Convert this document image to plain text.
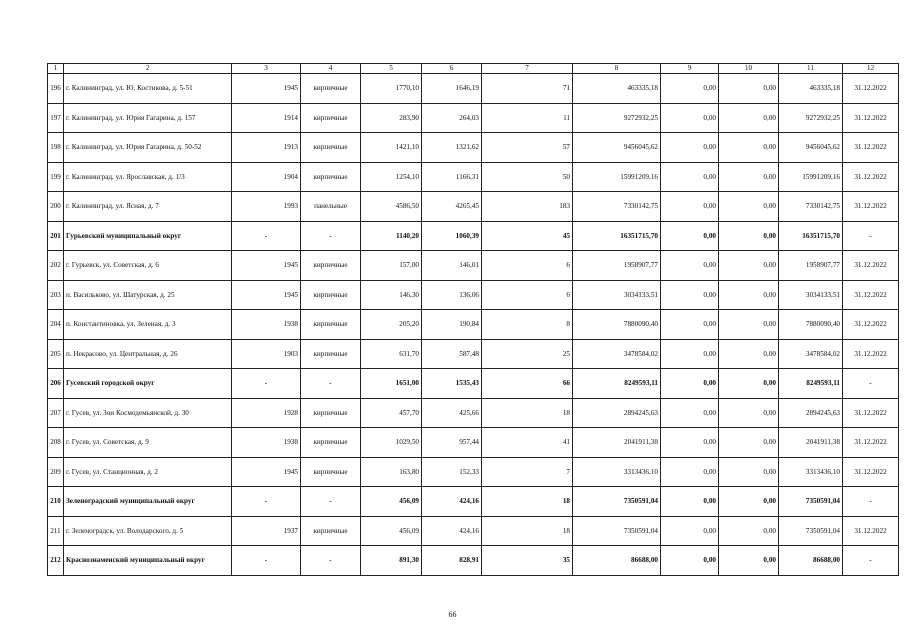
1	2	3	4	5	6	7	8	9	10	11	12
196	г. Калининград, ул. Ю. Костикова, д. 5-51	1945	кирпичные	1770,10	1646,19	71	463335,18	0,00	0,00	463335,18	31.12.2022
197	г. Калининград, ул. Юрия Гагарина, д. 157	1914	кирпичные	283,90	264,03	11	9272932,25	0,00	0,00	9272932,25	31.12.2022
198	г. Калининград, ул. Юрия Гагарина, д. 50-52	1913	кирпичные	1421,10	1321,62	57	9456045,62	0,00	0,00	9456045,62	31.12.2022
199	г. Калининград, ул. Ярославская, д. 1/3	1904	кирпичные	1254,10	1166,31	50	15991209,16	0,00	0,00	15991209,16	31.12.2022
200	г. Калининград, ул. Ясная, д. 7	1993	панельные	4586,50	4265,45	183	7330142,75	0,00	0,00	7330142,75	31.12.2022
201	Гурьевский муниципальный округ	-	-	1140,20	1060,39	45	16351715,70	0,00	0,00	16351715,70	-
202	г. Гурьевск, ул. Советская, д. 6	1945	кирпичные	157,00	146,01	6	1958907,77	0,00	0,00	1958907,77	31.12.2022
203	п. Васильково, ул. Шатурская, д. 25	1945	кирпичные	146,30	136,06	6	3034133,51	0,00	0,00	3034133,51	31.12.2022
204	п. Константиновка, ул. Зеленая, д. 3	1938	кирпичные	205,20	190,84	8	7880090,40	0,00	0,00	7880090,40	31.12.2022
205	п. Некрасово, ул. Центральная, д. 26	1903	кирпичные	631,70	587,48	25	3478584,02	0,00	0,00	3478584,02	31.12.2022
206	Гусевский городской округ	-	-	1651,00	1535,43	66	8249593,11	0,00	0,00	8249593,11	-
207	г. Гусев, ул. Зои Космодемьянской, д. 30	1928	кирпичные	457,70	425,66	18	2894245,63	0,00	0,00	2894245,63	31.12.2022
208	г. Гусев, ул. Советская, д. 9	1938	кирпичные	1029,50	957,44	41	2041911,38	0,00	0,00	2041911,38	31.12.2022
209	г. Гусев, ул. Станционная, д. 2	1945	кирпичные	163,80	152,33	7	3313436,10	0,00	0,00	3313436,10	31.12.2022
210	Зеленоградский муниципальный округ	-	-	456,09	424,16	18	7350591,04	0,00	0,00	7350591,04	-
211	г. Зеленоградск, ул. Володарского, д. 5	1937	кирпичные	456,09	424,16	18	7350591,04	0,00	0,00	7350591,04	31.12.2022
212	Краснознаменский муниципальный округ	-	-	891,30	828,91	35	86688,00	0,00	0,00	86688,00	-
66
